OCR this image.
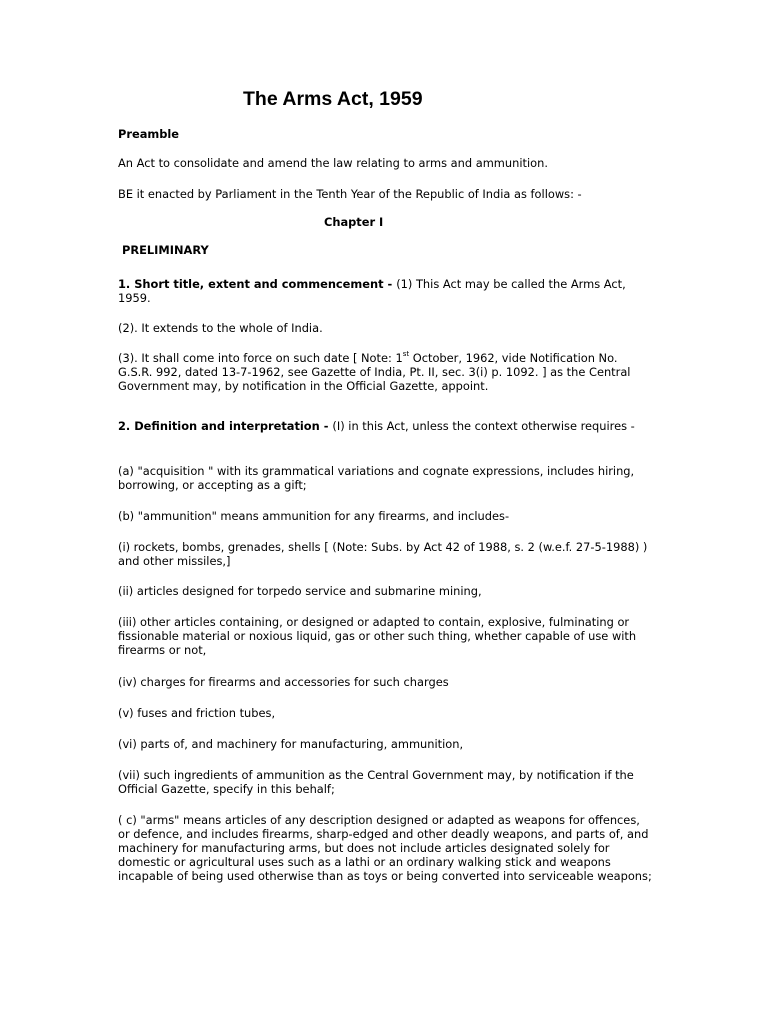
The Arms Act, 1959

Preamble

An Act to consolidate and amend the law relating to arms and ammunition.

BE it enacted by Parliament in the Tenth Year of the Republic of India as follows: -

Chapter I

PRELIMINARY

1. Short title, extent and commencement - (1) This Act may be called the Arms Act, 1959.

(2). It extends to the whole of India.

(3). It shall come into force on such date [ Note: 1st October, 1962, vide Notification No. G.S.R. 992, dated 13-7-1962, see Gazette of India, Pt. II, sec. 3(i) p. 1092. ] as the Central Government may, by notification in the Official Gazette, appoint.

2. Definition and interpretation - (I) in this Act, unless the context otherwise requires -

(a) "acquisition " with its grammatical variations and cognate expressions, includes hiring, borrowing, or accepting as a gift;

(b) "ammunition" means ammunition for any firearms, and includes-

(i) rockets, bombs, grenades, shells [ (Note: Subs. by Act 42 of 1988, s. 2 (w.e.f. 27-5-1988) ) and other missiles,]

(ii) articles designed for torpedo service and submarine mining,

(iii) other articles containing, or designed or adapted to contain, explosive, fulminating or fissionable material or noxious liquid, gas or other such thing, whether capable of use with firearms or not,

(iv) charges for firearms and accessories for such charges

(v) fuses and friction tubes,

(vi) parts of, and machinery for manufacturing, ammunition,

(vii) such ingredients of ammunition as the Central Government may, by notification if the Official Gazette, specify in this behalf;

( c) "arms" means articles of any description designed or adapted as weapons for offences, or defence, and includes firearms, sharp-edged and other deadly weapons, and parts of, and machinery for manufacturing arms, but does not include articles designated solely for domestic or agricultural uses such as a lathi or an ordinary walking stick and weapons incapable of being used otherwise than as toys or being converted into serviceable weapons;
